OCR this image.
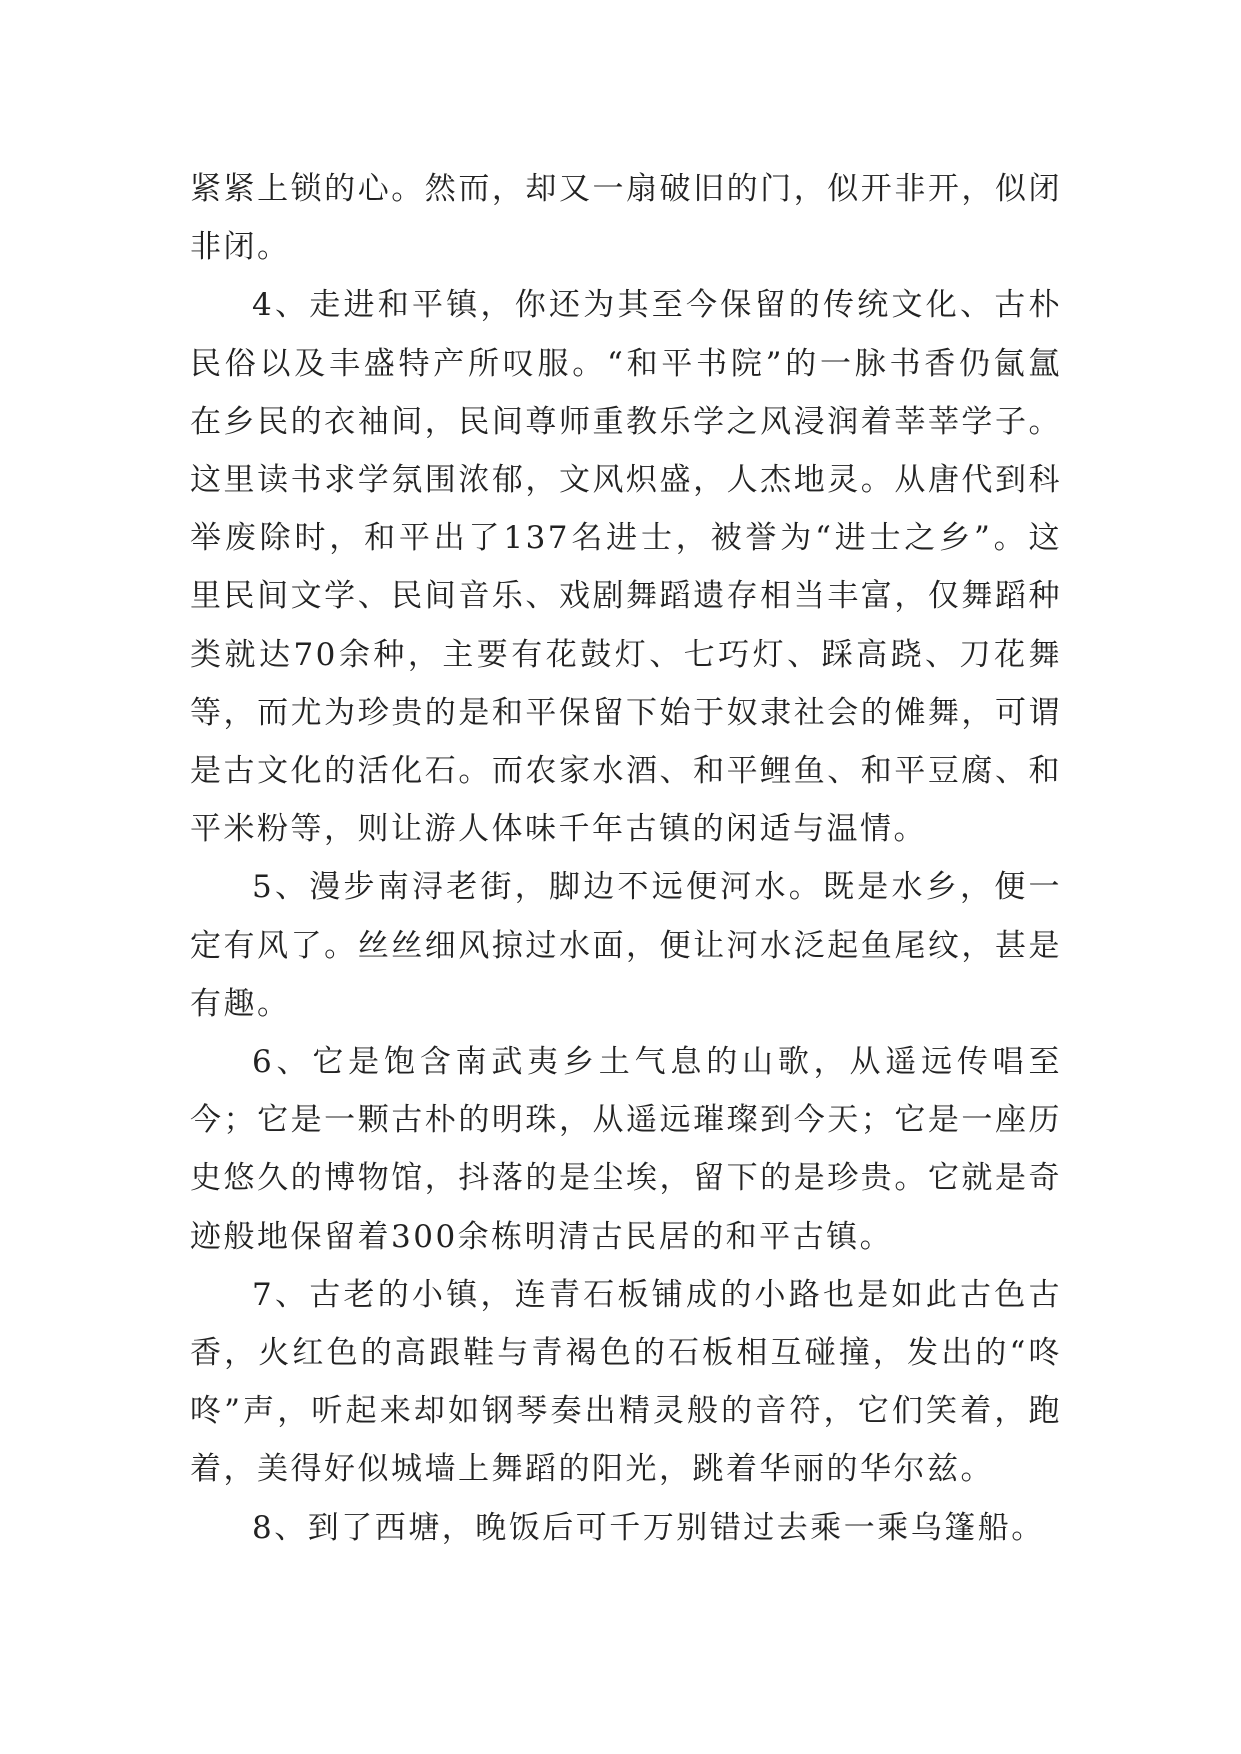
紧紧上锁的心。然而，却又一扇破旧的门，似开非开，似闭非闭。

4、走进和平镇，你还为其至今保留的传统文化、古朴民俗以及丰盛特产所叹服。“和平书院”的一脉书香仍氤氲在乡民的衣袖间，民间尊师重教乐学之风浸润着莘莘学子。这里读书求学氛围浓郁，文风炽盛，人杰地灵。从唐代到科举废除时，和平出了137名进士，被誉为“进士之乡”。这里民间文学、民间音乐、戏剧舞蹈遗存相当丰富，仅舞蹈种类就达70余种，主要有花鼓灯、七巧灯、踩高跷、刀花舞等，而尤为珍贵的是和平保留下始于奴隶社会的傩舞，可谓是古文化的活化石。而农家水酒、和平鲤鱼、和平豆腐、和平米粉等，则让游人体味千年古镇的闲适与温情。

5、漫步南浔老街，脚边不远便河水。既是水乡，便一定有风了。丝丝细风掠过水面，便让河水泛起鱼尾纹，甚是有趣。

6、它是饱含南武夷乡土气息的山歌，从遥远传唱至今；它是一颗古朴的明珠，从遥远璀璨到今天；它是一座历史悠久的博物馆，抖落的是尘埃，留下的是珍贵。它就是奇迹般地保留着300余栋明清古民居的和平古镇。

7、古老的小镇，连青石板铺成的小路也是如此古色古香，火红色的高跟鞋与青褐色的石板相互碰撞，发出的“咚咚”声，听起来却如钢琴奏出精灵般的音符，它们笑着，跑着，美得好似城墙上舞蹈的阳光，跳着华丽的华尔兹。

8、到了西塘，晚饭后可千万别错过去乘一乘乌篷船。
